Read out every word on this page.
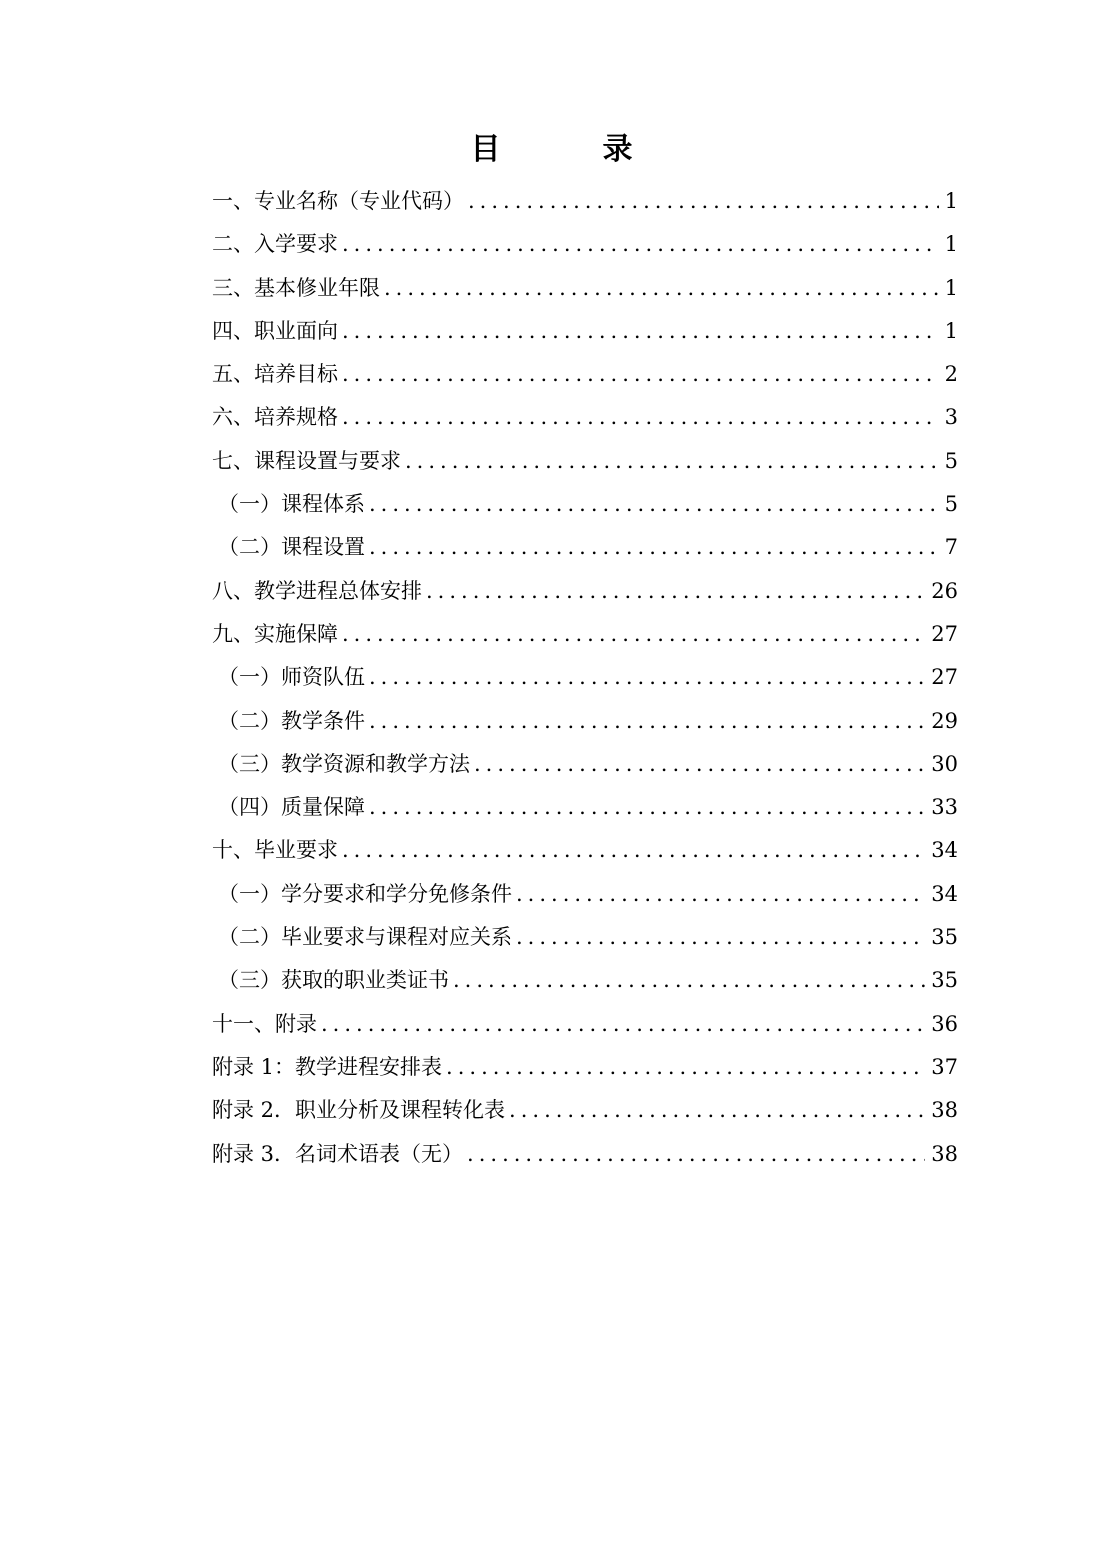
目　录
一、专业名称（专业代码） .....	1
二、入学要求 .....	1
三、基本修业年限 .....	1
四、职业面向 .....	1
五、培养目标 .....	2
六、培养规格 .....	3
七、课程设置与要求 .....	5
（一）课程体系 .....	5
（二）课程设置 .....	7
八、教学进程总体安排 .....	26
九、实施保障 .....	27
（一）师资队伍 .....	27
（二）教学条件 .....	29
（三）教学资源和教学方法 .....	30
（四）质量保障 .....	33
十、毕业要求 .....	34
（一）学分要求和学分免修条件 .....	34
（二）毕业要求与课程对应关系 .....	35
（三）获取的职业类证书 .....	35
十一、附录 .....	36
附录 1：教学进程安排表 .....	37
附录 2．职业分析及课程转化表 .....	38
附录 3．名词术语表（无） .....	38
